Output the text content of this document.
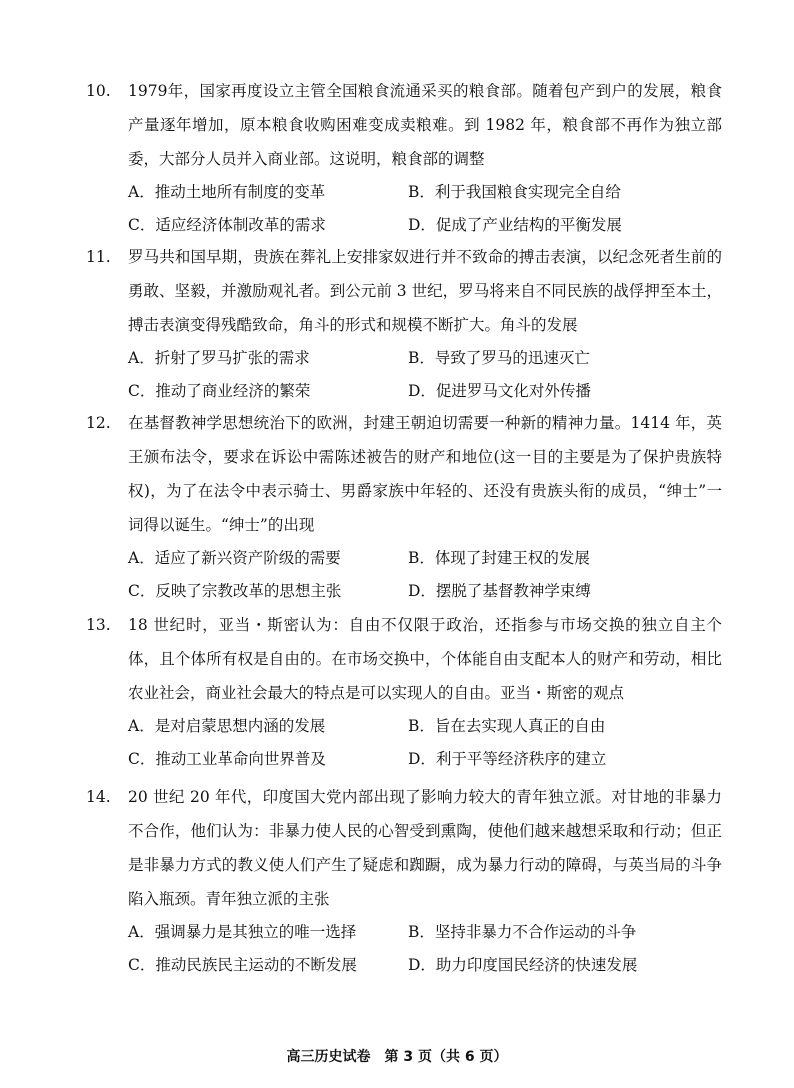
10.	1979年，国家再度设立主管全国粮食流通采买的粮食部。随着包产到户的发展，粮食产量逐年增加，原本粮食收购困难变成卖粮难。到 1982 年，粮食部不再作为独立部委，大部分人员并入商业部。这说明，粮食部的调整

A．推动土地所有制度的变革	B．利于我国粮食实现完全自给
C．适应经济体制改革的需求	D．促成了产业结构的平衡发展

11.	罗马共和国早期，贵族在葬礼上安排家奴进行并不致命的搏击表演，以纪念死者生前的勇敢、坚毅，并激励观礼者。到公元前 3 世纪，罗马将来自不同民族的战俘押至本土，搏击表演变得残酷致命，角斗的形式和规模不断扩大。角斗的发展

A．折射了罗马扩张的需求	B．导致了罗马的迅速灭亡
C．推动了商业经济的繁荣	D．促进罗马文化对外传播

12.	在基督教神学思想统治下的欧洲，封建王朝迫切需要一种新的精神力量。1414 年，英王颁布法令，要求在诉讼中需陈述被告的财产和地位(这一目的主要是为了保护贵族特权)，为了在法令中表示骑士、男爵家族中年轻的、还没有贵族头衔的成员，“绅士”一词得以诞生。“绅士”的出现

A．适应了新兴资产阶级的需要	B．体现了封建王权的发展
C．反映了宗教改革的思想主张	D．摆脱了基督教神学束缚

13.	18 世纪时，亚当・斯密认为：自由不仅限于政治，还指参与市场交换的独立自主个体，且个体所有权是自由的。在市场交换中，个体能自由支配本人的财产和劳动，相比农业社会，商业社会最大的特点是可以实现人的自由。亚当・斯密的观点

A．是对启蒙思想内涵的发展	B．旨在去实现人真正的自由
C．推动工业革命向世界普及	D．利于平等经济秩序的建立

14.	20 世纪 20 年代，印度国大党内部出现了影响力较大的青年独立派。对甘地的非暴力不合作，他们认为：非暴力使人民的心智受到熏陶，使他们越来越想采取和行动；但正是非暴力方式的教义使人们产生了疑虑和踟蹰，成为暴力行动的障碍，与英当局的斗争陷入瓶颈。青年独立派的主张

A．强调暴力是其独立的唯一选择	B．坚持非暴力不合作运动的斗争
C．推动民族民主运动的不断发展	D．助力印度国民经济的快速发展
高三历史试卷　第 3 页（共 6 页）
